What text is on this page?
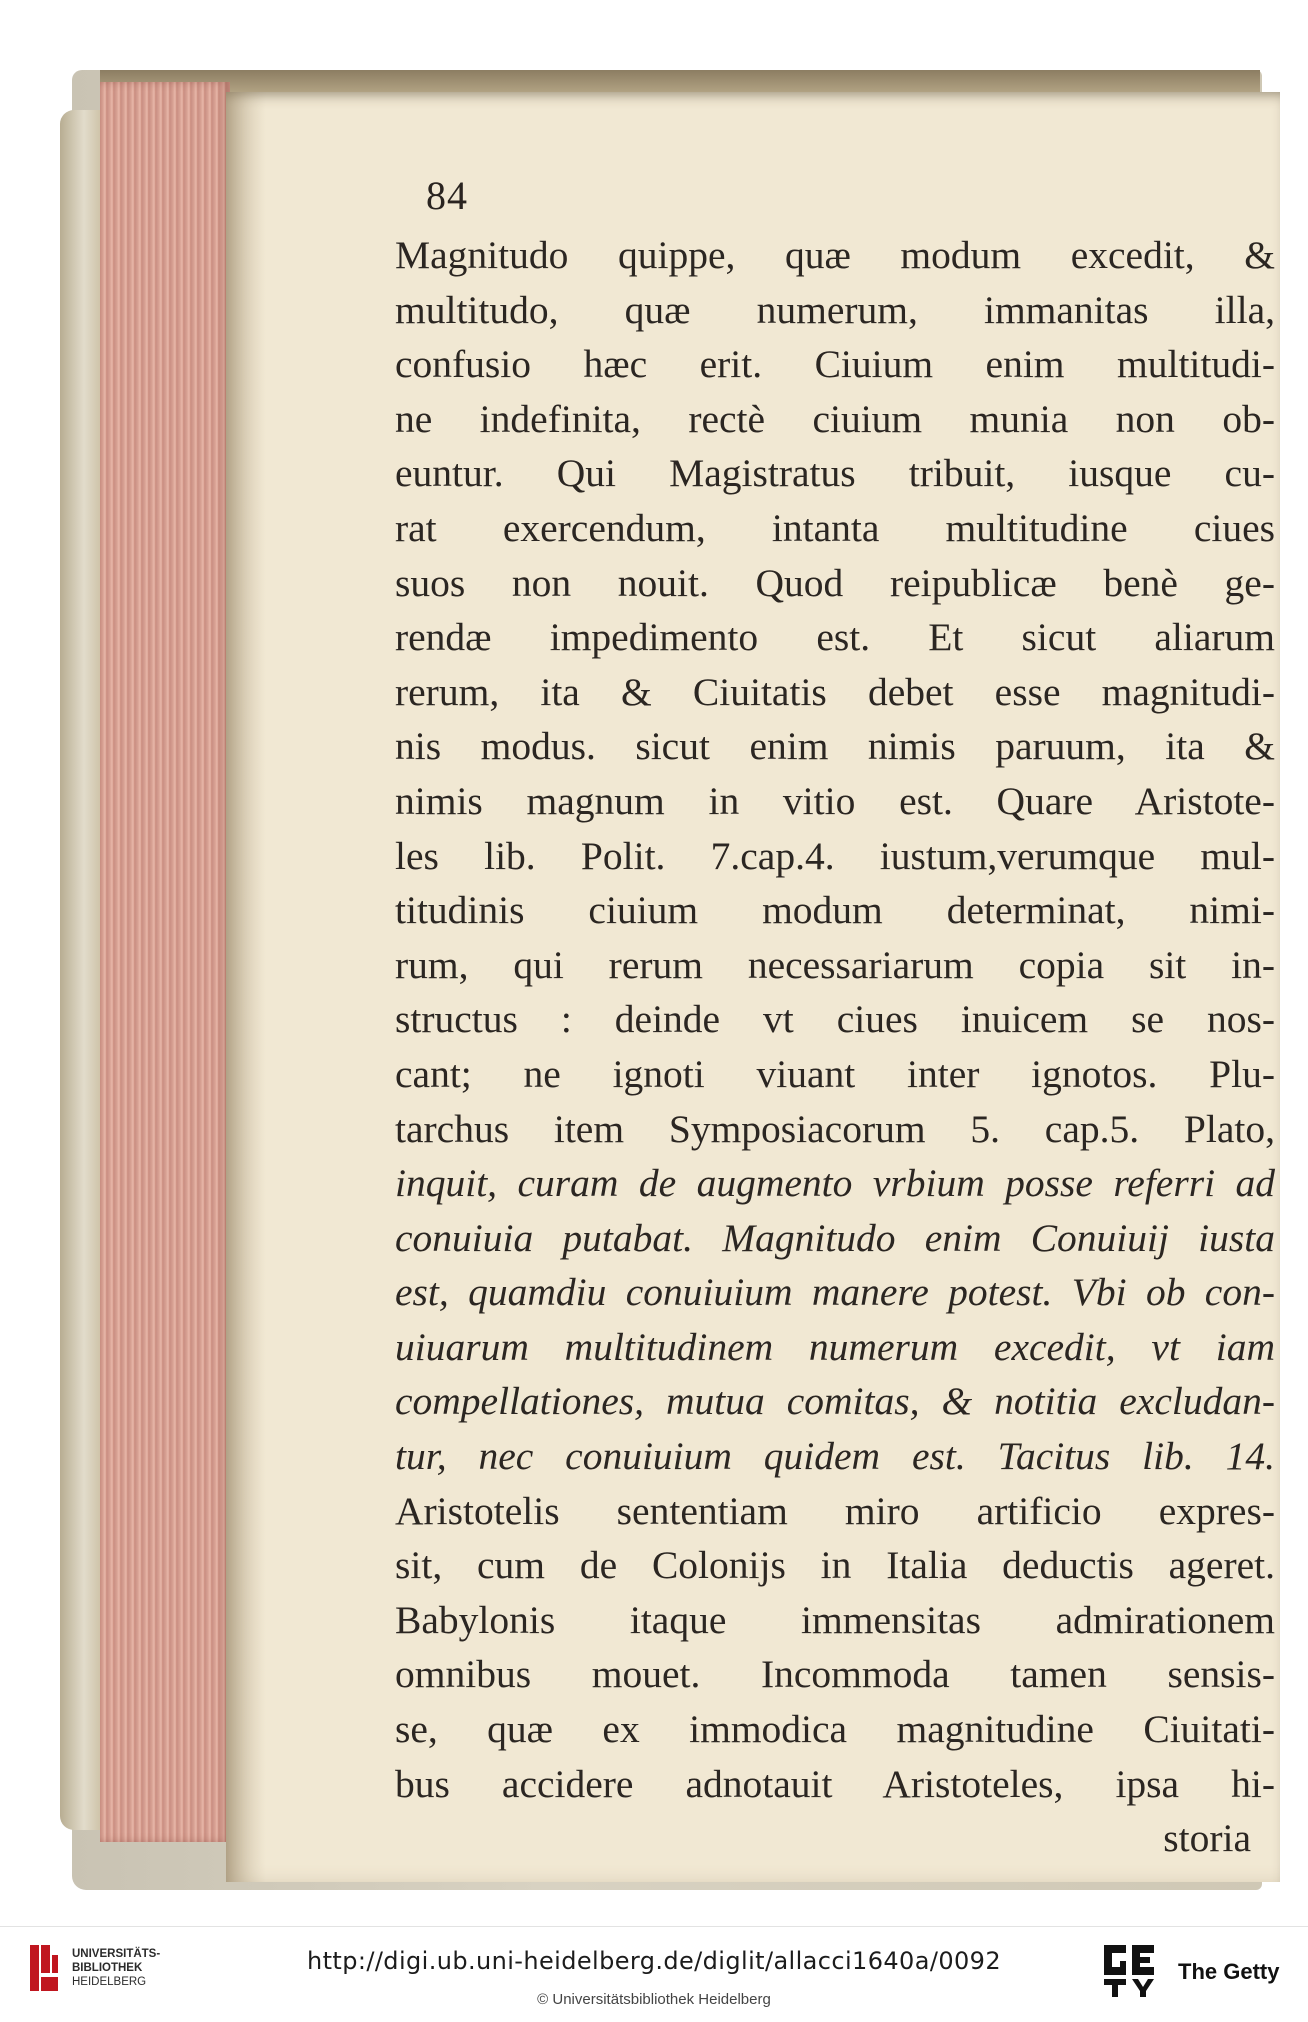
84

Magnitudo quippe, quæ modum excedit, &
multitudo, quæ numerum, immanitas illa,
confusio hæc erit. Ciuium enim multitudi-
ne indefinita, rectè ciuium munia non ob-
euntur. Qui Magistratus tribuit, iusque cu-
rat exercendum, intanta multitudine ciues
suos non nouit. Quod reipublicæ benè ge-
rendæ impedimento est. Et sicut aliarum
rerum, ita & Ciuitatis debet esse magnitudi-
nis modus. sicut enim nimis paruum, ita &
nimis magnum in vitio est. Quare Aristote-
les lib. Polit. 7.cap.4. iustum,verumque mul-
titudinis ciuium modum determinat, nimi-
rum, qui rerum necessariarum copia sit in-
structus : deinde vt ciues inuicem se nos-
cant; ne ignoti viuant inter ignotos. Plu-
tarchus item Symposiacorum 5. cap.5. Plato,
inquit, curam de augmento vrbium posse referri ad
conuiuia putabat. Magnitudo enim Conuiuij iusta
est, quamdiu conuiuium manere potest. Vbi ob con-
uiuarum multitudinem numerum excedit, vt iam
compellationes, mutua comitas, & notitia excludan-
tur, nec conuiuium quidem est. Tacitus lib. 14.
Aristotelis sententiam miro artificio expres-
sit, cum de Colonijs in Italia deductis ageret.
Babylonis itaque immensitas admirationem
omnibus mouet. Incommoda tamen sensis-
se, quæ ex immodica magnitudine Ciuitati-
bus accidere adnotauit Aristoteles, ipsa hi-
storia
UNIVERSITÄTS-
BIBLIOTHEK
HEIDELBERG
http://digi.ub.uni-heidelberg.de/diglit/allacci1640a/0092
© Universitätsbibliothek Heidelberg
The Getty
